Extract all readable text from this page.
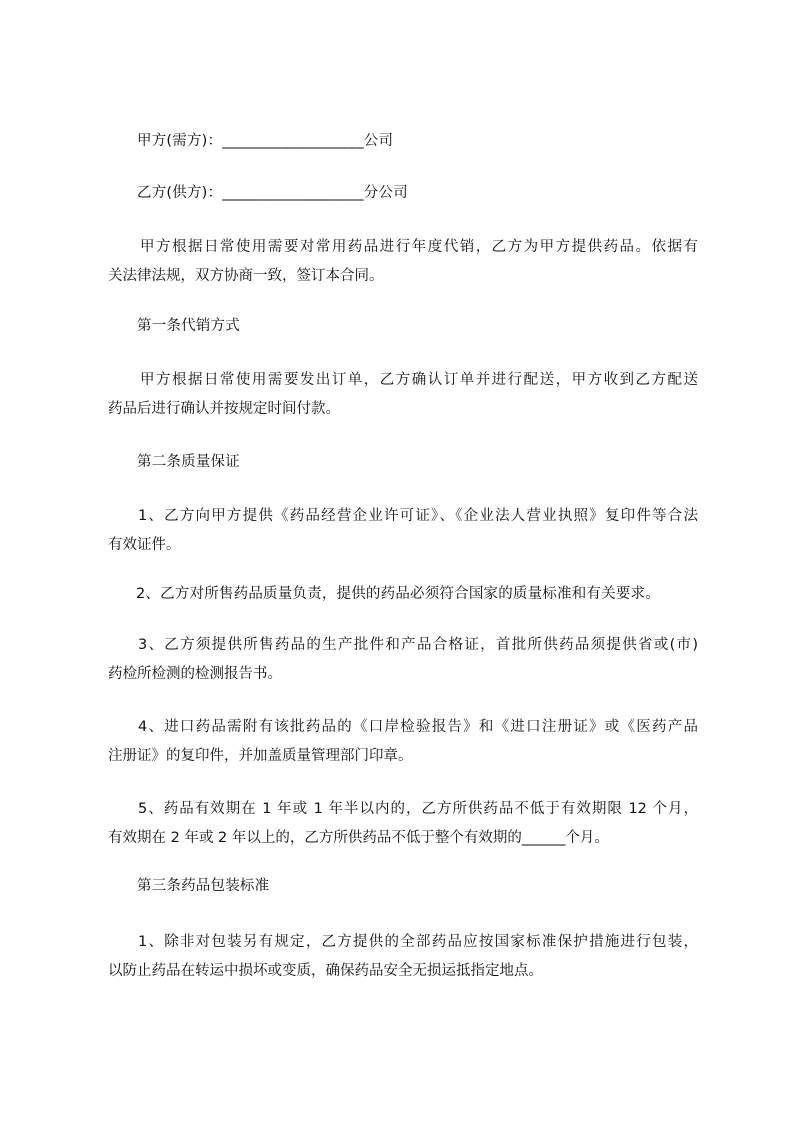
甲方(需方)：___________________公司
乙方(供方)：___________________分公司
甲方根据日常使用需要对常用药品进行年度代销，乙方为甲方提供药品。依据有
关法律法规，双方协商一致，签订本合同。
第一条代销方式
甲方根据日常使用需要发出订单，乙方确认订单并进行配送，甲方收到乙方配送
药品后进行确认并按规定时间付款。
第二条质量保证
1、乙方向甲方提供《药品经营企业许可证》、《企业法人营业执照》复印件等合法
有效证件。
2、乙方对所售药品质量负责，提供的药品必须符合国家的质量标准和有关要求。
3、乙方须提供所售药品的生产批件和产品合格证，首批所供药品须提供省或(市)
药检所检测的检测报告书。
4、进口药品需附有该批药品的《口岸检验报告》和《进口注册证》或《医药产品
注册证》的复印件，并加盖质量管理部门印章。
5、药品有效期在 1 年或 1 年半以内的，乙方所供药品不低于有效期限 12 个月，
有效期在 2 年或 2 年以上的，乙方所供药品不低于整个有效期的______个月。
第三条药品包装标准
1、除非对包装另有规定，乙方提供的全部药品应按国家标准保护措施进行包装，
以防止药品在转运中损坏或变质，确保药品安全无损运抵指定地点。
